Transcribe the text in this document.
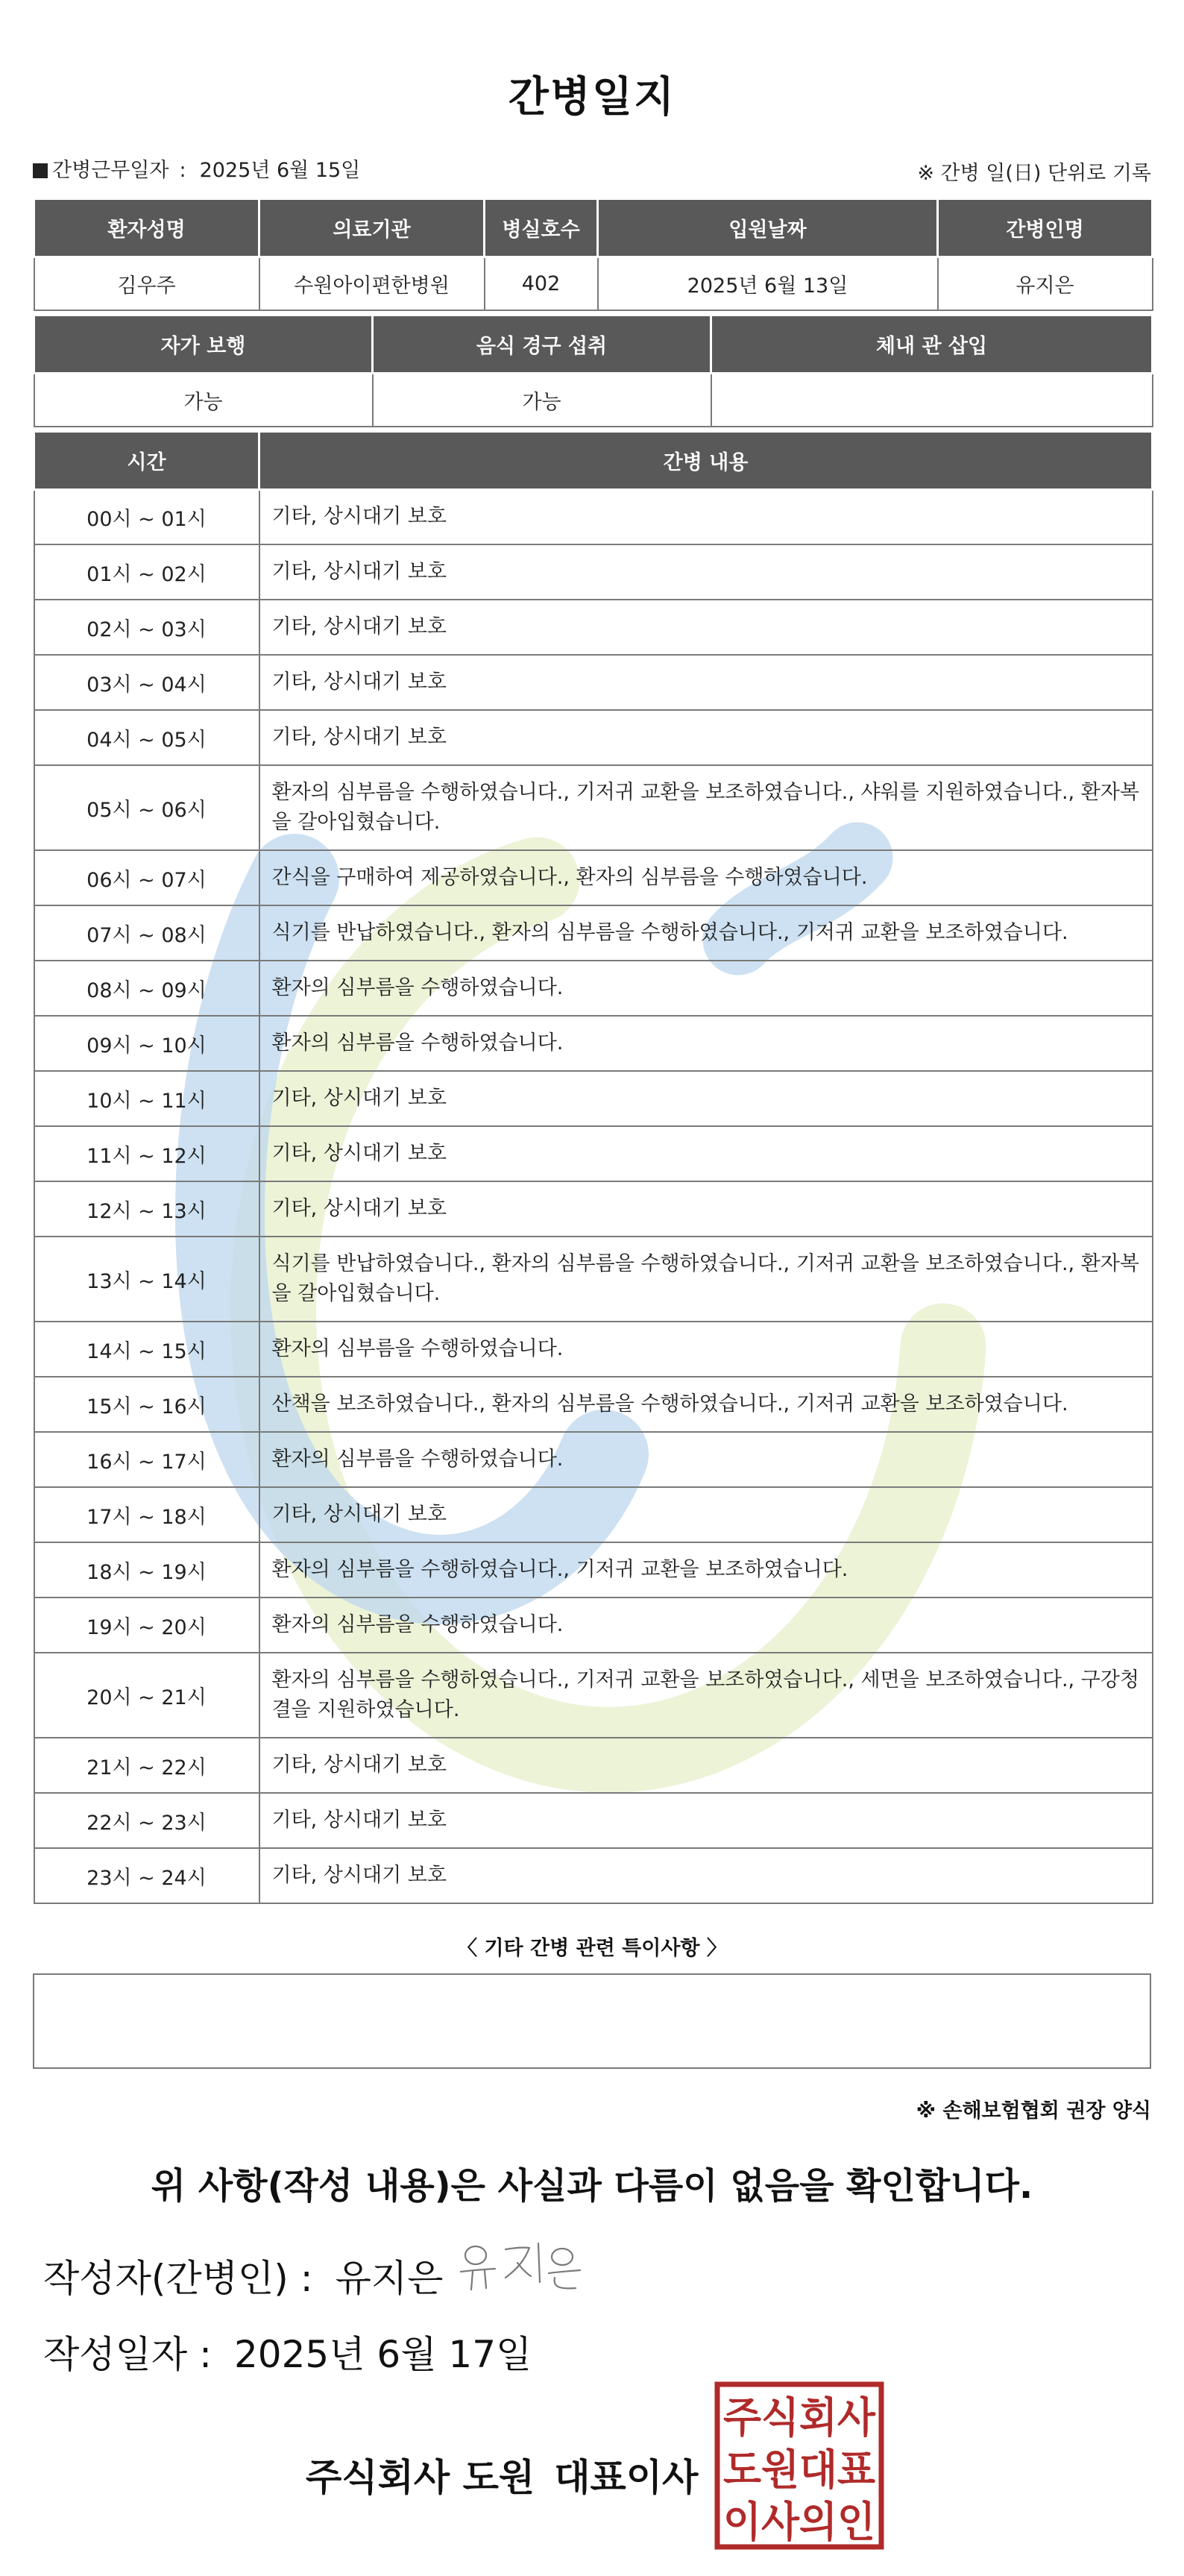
간병일지
간병근무일자 : 2025년 6월 15일	※ 간병 일(日) 단위로 기록
환자성명	의료기관	병실호수	입원날짜	간병인명
김우주	수원아이편한병원	402	2025년 6월 13일	유지은
자가 보행	음식 경구 섭취	체내 관 삽입
가능	가능	
시간	간병 내용
00시 ~ 01시	기타, 상시대기 보호
01시 ~ 02시	기타, 상시대기 보호
02시 ~ 03시	기타, 상시대기 보호
03시 ~ 04시	기타, 상시대기 보호
04시 ~ 05시	기타, 상시대기 보호
05시 ~ 06시	환자의 심부름을 수행하였습니다., 기저귀 교환을 보조하였습니다., 샤워를 지원하였습니다., 환자복을 갈아입혔습니다.
06시 ~ 07시	간식을 구매하여 제공하였습니다., 환자의 심부름을 수행하였습니다.
07시 ~ 08시	식기를 반납하였습니다., 환자의 심부름을 수행하였습니다., 기저귀 교환을 보조하였습니다.
08시 ~ 09시	환자의 심부름을 수행하였습니다.
09시 ~ 10시	환자의 심부름을 수행하였습니다.
10시 ~ 11시	기타, 상시대기 보호
11시 ~ 12시	기타, 상시대기 보호
12시 ~ 13시	기타, 상시대기 보호
13시 ~ 14시	식기를 반납하였습니다., 환자의 심부름을 수행하였습니다., 기저귀 교환을 보조하였습니다., 환자복을 갈아입혔습니다.
14시 ~ 15시	환자의 심부름을 수행하였습니다.
15시 ~ 16시	산책을 보조하였습니다., 환자의 심부름을 수행하였습니다., 기저귀 교환을 보조하였습니다.
16시 ~ 17시	환자의 심부름을 수행하였습니다.
17시 ~ 18시	기타, 상시대기 보호
18시 ~ 19시	환자의 심부름을 수행하였습니다., 기저귀 교환을 보조하였습니다.
19시 ~ 20시	환자의 심부름을 수행하였습니다.
20시 ~ 21시	환자의 심부름을 수행하였습니다., 기저귀 교환을 보조하였습니다., 세면을 보조하였습니다., 구강청결을 지원하였습니다.
21시 ~ 22시	기타, 상시대기 보호
22시 ~ 23시	기타, 상시대기 보호
23시 ~ 24시	기타, 상시대기 보호
〈 기타 간병 관련 특이사항 〉
※ 손해보험협회 권장 양식
위 사항(작성 내용)은 사실과 다름이 없음을 확인합니다.
작성자(간병인) : 유지은
작성일자 : 2025년 6월 17일
주식회사 도원 대표이사
주식회사
도원대표
이사의인
